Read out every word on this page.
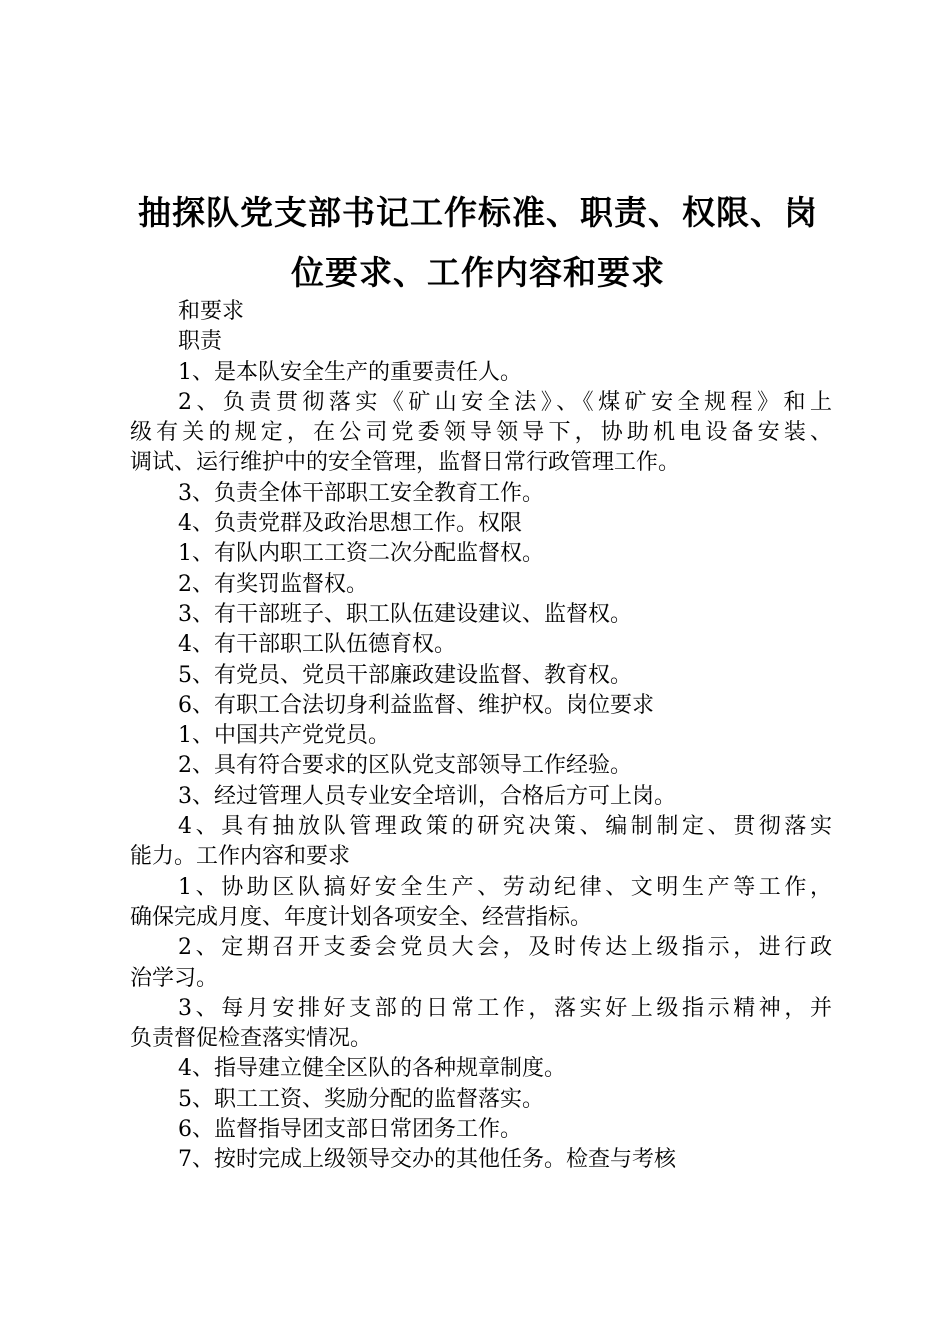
抽探队党支部书记工作标准、职责、权限、岗
位要求、工作内容和要求
和要求
职责
1、是本队安全生产的重要责任人。
2、负责贯彻落实《矿山安全法》、《煤矿安全规程》和上
级有关的规定，在公司党委领导领导下，协助机电设备安装、
调试、运行维护中的安全管理，监督日常行政管理工作。
3、负责全体干部职工安全教育工作。
4、负责党群及政治思想工作。权限
1、有队内职工工资二次分配监督权。
2、有奖罚监督权。
3、有干部班子、职工队伍建设建议、监督权。
4、有干部职工队伍德育权。
5、有党员、党员干部廉政建设监督、教育权。
6、有职工合法切身利益监督、维护权。岗位要求
1、中国共产党党员。
2、具有符合要求的区队党支部领导工作经验。
3、经过管理人员专业安全培训，合格后方可上岗。
4、具有抽放队管理政策的研究决策、编制制定、贯彻落实
能力。工作内容和要求
1、协助区队搞好安全生产、劳动纪律、文明生产等工作，
确保完成月度、年度计划各项安全、经营指标。
2、定期召开支委会党员大会，及时传达上级指示，进行政
治学习。
3、每月安排好支部的日常工作，落实好上级指示精神，并
负责督促检查落实情况。
4、指导建立健全区队的各种规章制度。
5、职工工资、奖励分配的监督落实。
6、监督指导团支部日常团务工作。
7、按时完成上级领导交办的其他任务。检查与考核
